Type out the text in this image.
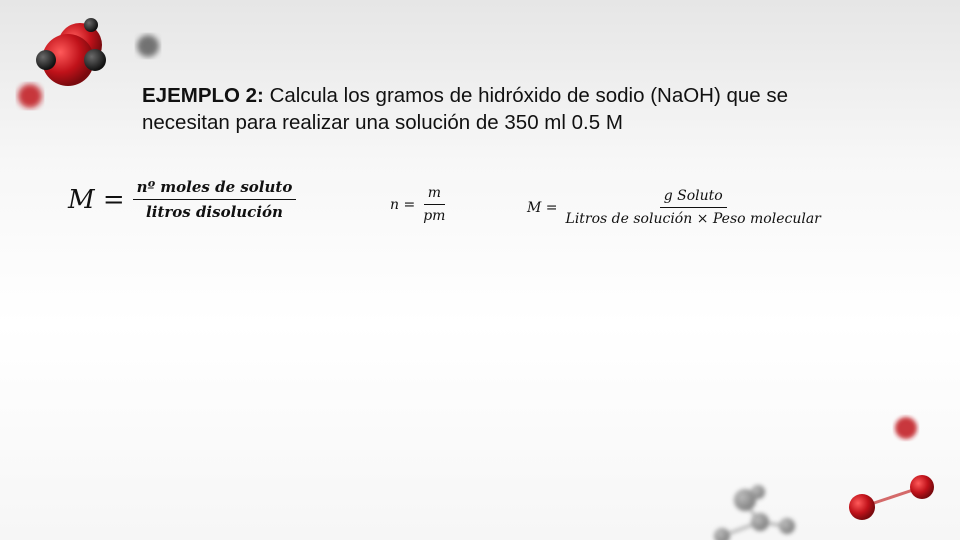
EJEMPLO 2: Calcula los gramos de hidróxido de sodio (NaOH) que se necesitan para realizar una solución de 350 ml 0.5 M
$M = \frac{\text{nº moles de soluto}}{\text{litros disolución}}$	$n = \frac{m}{pm}$	$M = \frac{\text{g Soluto}}{\text{Litros de solución × Peso molecular}}$
